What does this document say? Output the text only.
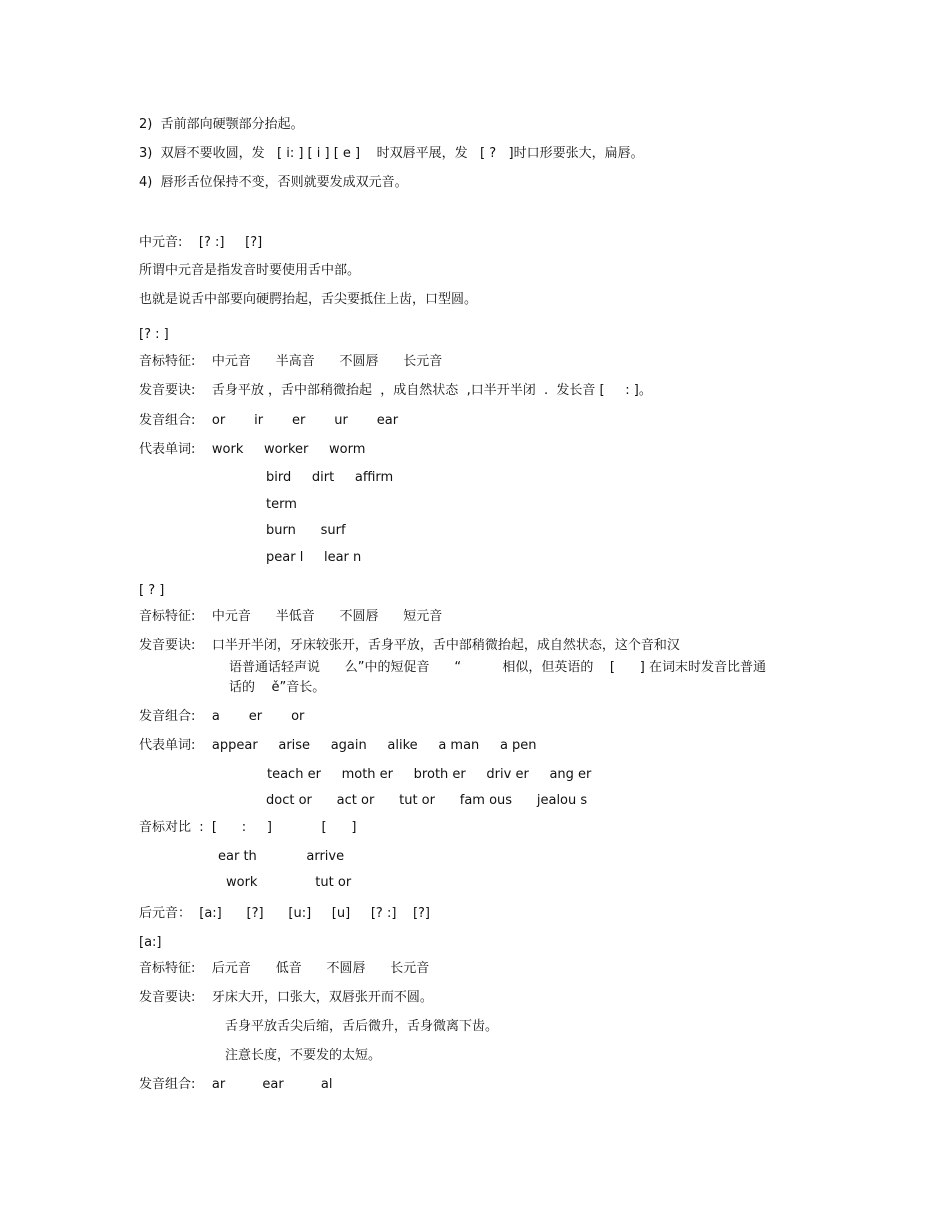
2)  舌前部向硬颚部分抬起。
3)  双唇不要收圆，发   [ i: ] [ i ] [ e ]    时双唇平展，发   [ ?   ]时口形要张大，扁唇。
4)  唇形舌位保持不变，否则就要发成双元音。
中元音:    [? :]     [?]
所谓中元音是指发音时要使用舌中部。
也就是说舌中部要向硬腭抬起，舌尖要抵住上齿，口型圆。
[? : ]
音标特征:    中元音      半高音      不圆唇      长元音
发音要诀:    舌身平放 ，舌中部稍微抬起  ，成自然状态  ,口半开半闭  .  发长音 [     : ]。
发音组合:    or       ir       er       ur       ear
代表单词:    work     worker     worm
bird     dirt     affirm
term
burn      surf
pear l     lear n
[ ? ]
音标特征:    中元音      半低音      不圆唇      短元音
发音要诀:    口半开半闭，牙床较张开，舌身平放，舌中部稍微抬起，成自然状态，这个音和汉
语普通话轻声说      么”中的短促音      “          相似，但英语的    [      ] 在词末时发音比普通
话的    ě”音长。
发音组合:    a       er       or
代表单词:    appear     arise     again     alike     a man     a pen
teach er     moth er     broth er     driv er     ang er
doct or      act or      tut or      fam ous      jealou s
音标对比  :  [      :     ]            [      ]
ear th            arrive
work              tut or
后元音：  [a:]      [?]      [u:]     [u]     [? :]    [?]
[a:]
音标特征:    后元音      低音      不圆唇      长元音
发音要诀:    牙床大开，口张大，双唇张开而不圆。
舌身平放舌尖后缩，舌后微升，舌身微离下齿。
注意长度，不要发的太短。
发音组合:    ar         ear         al
